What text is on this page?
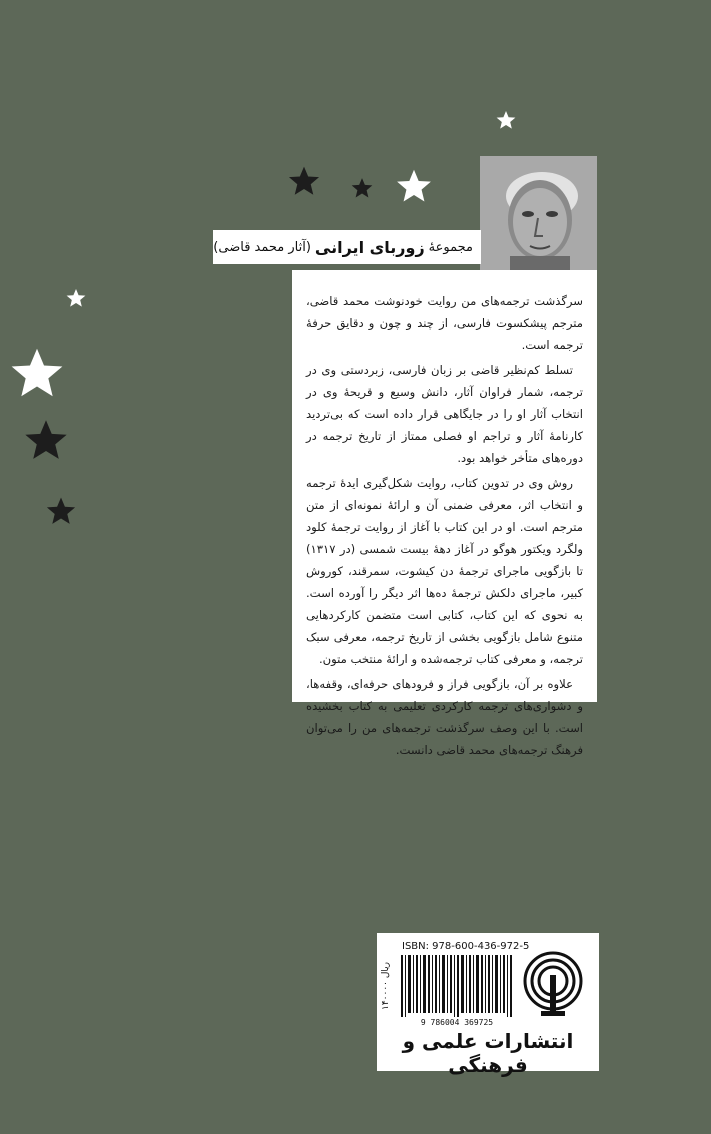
مجموعهٔ
زوربای ایرانی
(آثار محمد قاضی)

سرگذشت ترجمه‌های من روایت خودنوشت محمد قاضی، مترجم پیشکسوت فارسی، از چند و چون و دقایق حرفهٔ ترجمه است.

تسلط کم‌نظیر قاضی بر زبان فارسی، زبردستی وی در ترجمه، شمار فراوان آثار، دانش وسیع و قریحهٔ وی در انتخاب آثار او را در جایگاهی قرار داده است که بی‌تردید کارنامهٔ آثار و تراجم او فصلی ممتاز از تاریخ ترجمه در دوره‌های متأخر خواهد بود.

روش وی در تدوین کتاب، روایت شکل‌گیری ایدهٔ ترجمه و انتخاب اثر، معرفی ضمنی آن و ارائهٔ نمونه‌ای از متن مترجم است. او در این کتاب با آغاز از روایت ترجمهٔ کلود ولگرد ویکتور هوگو در آغاز دههٔ بیست شمسی (در ۱۳۱۷) تا بازگویی ماجرای ترجمهٔ دن کیشوت، سمرقند، کوروش کبیر، ماجرای دلکش ترجمهٔ ده‌ها اثر دیگر را آورده است. به نحوی که این کتاب، کتابی است متضمن کارکردهایی متنوع شامل بازگویی بخشی از تاریخ ترجمه، معرفی سبک ترجمه، و معرفی کتاب ترجمه‌شده و ارائهٔ منتخب متون.

علاوه بر آن، بازگویی فراز و فرودهای حرفه‌ای، وقفه‌ها، و دشواری‌های ترجمه کارکردی تعلیمی به کتاب بخشیده است. با این وصف سرگذشت ترجمه‌های من را می‌توان فرهنگ ترجمه‌های محمد قاضی دانست.

ISBN: 978-600-436-972-5
۱۴۰۰۰۰ ریال
9 786004 369725
انتشارات علمی و فرهنگی
